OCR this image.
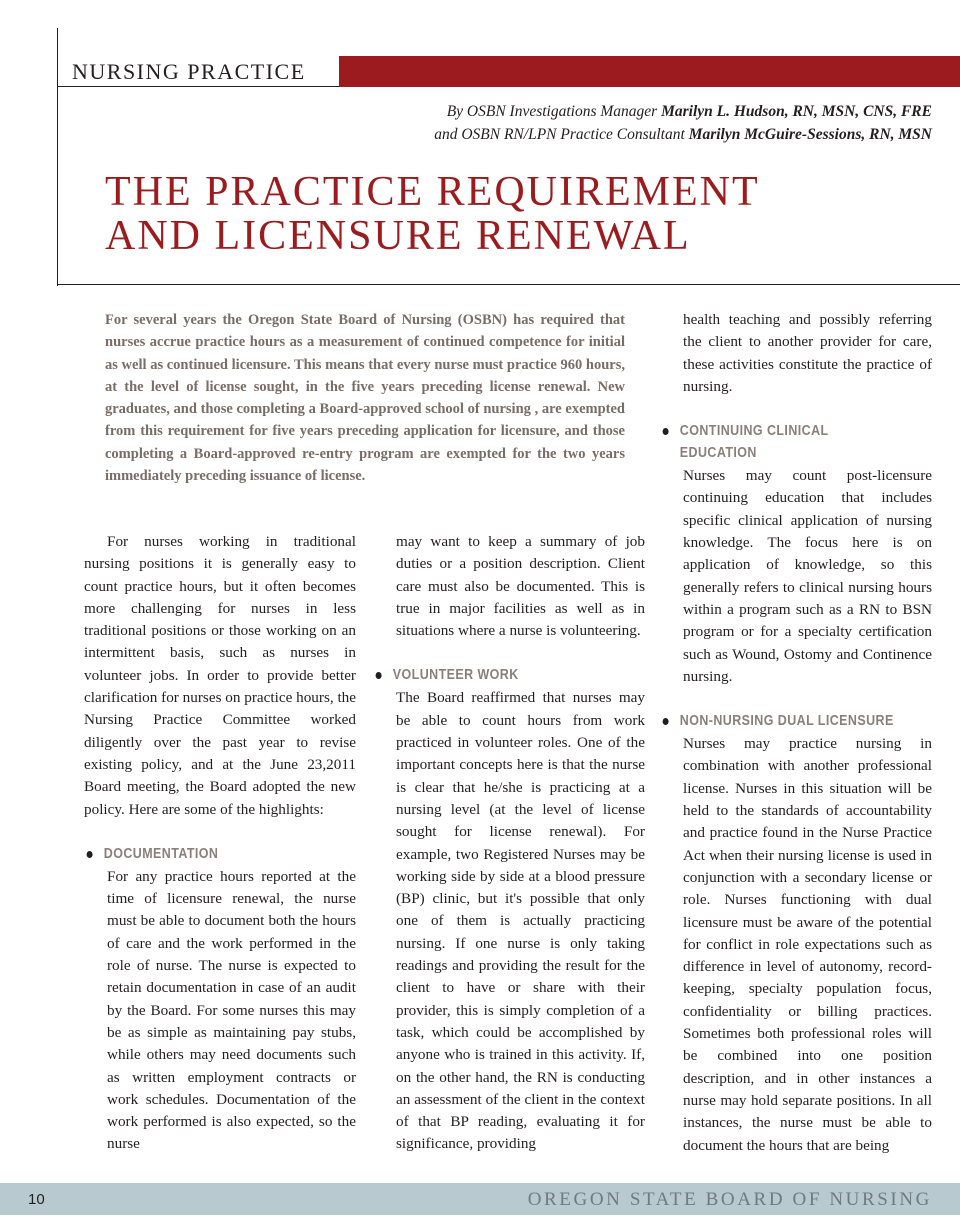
NURSING PRACTICE
By OSBN Investigations Manager Marilyn L. Hudson, RN, MSN, CNS, FRE
and OSBN RN/LPN Practice Consultant Marilyn McGuire-Sessions, RN, MSN
THE PRACTICE REQUIREMENT
AND LICENSURE RENEWAL

For several years the Oregon State Board of Nursing (OSBN) has required that nurses accrue practice hours as a measurement of continued competence for initial as well as continued licensure. This means that every nurse must practice 960 hours, at the level of license sought, in the five years preceding license renewal. New graduates, and those completing a Board-approved school of nursing , are exempted from this requirement for five years preceding application for licensure, and those completing a Board-approved re-entry program are exempted for the two years immediately preceding issuance of license.

For nurses working in traditional nursing positions it is generally easy to count practice hours, but it often becomes more challenging for nurses in less traditional positions or those working on an intermittent basis, such as nurses in volunteer jobs. In order to provide better clarification for nurses on practice hours, the Nursing Practice Committee worked diligently over the past year to revise existing policy, and at the June 23,2011 Board meeting, the Board adopted the new policy. Here are some of the highlights:

DOCUMENTATION

For any practice hours reported at the time of licensure renewal, the nurse must be able to document both the hours of care and the work performed in the role of nurse. The nurse is expected to retain documentation in case of an audit by the Board. For some nurses this may be as simple as maintaining pay stubs, while others may need documents such as written employment contracts or work schedules. Documentation of the work performed is also expected, so the nurse

may want to keep a summary of job duties or a position description. Client care must also be documented. This is true in major facilities as well as in situations where a nurse is volunteering.

VOLUNTEER WORK

The Board reaffirmed that nurses may be able to count hours from work practiced in volunteer roles. One of the important concepts here is that the nurse is clear that he/she is practicing at a nursing level (at the level of license sought for license renewal). For example, two Registered Nurses may be working side by side at a blood pressure (BP) clinic, but it's possible that only one of them is actually practicing nursing. If one nurse is only taking readings and providing the result for the client to have or share with their provider, this is simply completion of a task, which could be accomplished by anyone who is trained in this activity. If, on the other hand, the RN is conducting an assessment of the client in the context of that BP reading, evaluating it for significance, providing

health teaching and possibly referring the client to another provider for care, these activities constitute the practice of nursing.

CONTINUING CLINICAL EDUCATION

Nurses may count post-licensure continuing education that includes specific clinical application of nursing knowledge. The focus here is on application of knowledge, so this generally refers to clinical nursing hours within a program such as a RN to BSN program or for a specialty certification such as Wound, Ostomy and Continence nursing.

NON-NURSING DUAL LICENSURE

Nurses may practice nursing in combination with another professional license. Nurses in this situation will be held to the standards of accountability and practice found in the Nurse Practice Act when their nursing license is used in conjunction with a secondary license or role. Nurses functioning with dual licensure must be aware of the potential for conflict in role expectations such as difference in level of autonomy, record-keeping, specialty population focus, confidentiality or billing practices. Sometimes both professional roles will be combined into one position description, and in other instances a nurse may hold separate positions. In all instances, the nurse must be able to document the hours that are being

10	OREGON STATE BOARD OF NURSING
